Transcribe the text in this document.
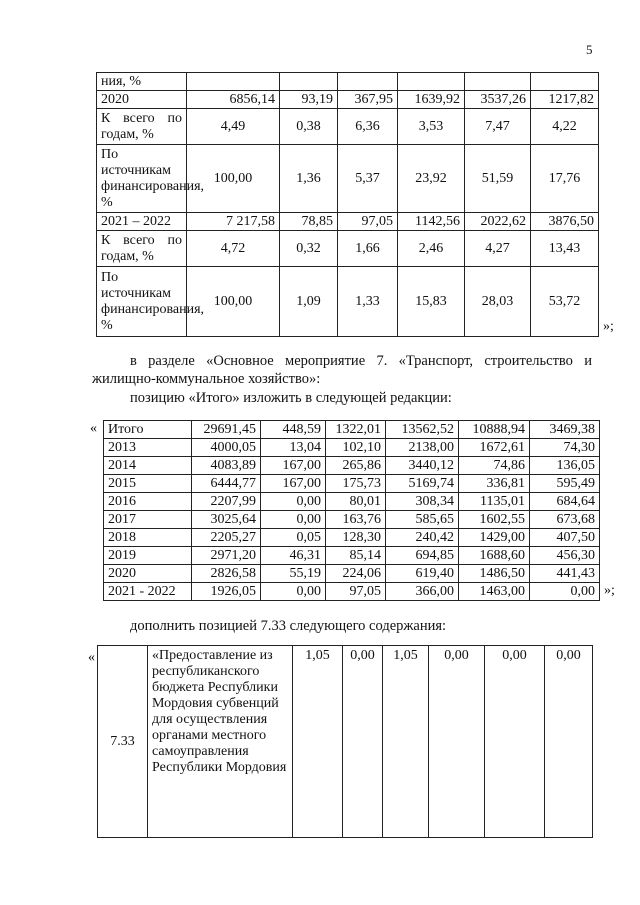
5
ния, %						
2020	6856,14	93,19	367,95	1639,92	3537,26	1217,82
К всего по годам, %	4,49	0,38	6,36	3,53	7,47	4,22
По источникам финансирования, %	100,00	1,36	5,37	23,92	51,59	17,76
2021 – 2022	7 217,58	78,85	97,05	1142,56	2022,62	3876,50
К всего по годам, %	4,72	0,32	1,66	2,46	4,27	13,43
По источникам финансирования, %	100,00	1,09	1,33	15,83	28,03	53,72
»;

в разделе «Основное мероприятие 7. «Транспорт, строительство и жилищно-коммунальное хозяйство»:

позицию «Итого» изложить в следующей редакции:

« Итого	29691,45	448,59	1322,01	13562,52	10888,94	3469,38
2013	4000,05	13,04	102,10	2138,00	1672,61	74,30
2014	4083,89	167,00	265,86	3440,12	74,86	136,05
2015	6444,77	167,00	175,73	5169,74	336,81	595,49
2016	2207,99	0,00	80,01	308,34	1135,01	684,64
2017	3025,64	0,00	163,76	585,65	1602,55	673,68
2018	2205,27	0,05	128,30	240,42	1429,00	407,50
2019	2971,20	46,31	85,14	694,85	1688,60	456,30
2020	2826,58	55,19	224,06	619,40	1486,50	441,43
2021 - 2022	1926,05	0,00	97,05	366,00	1463,00	0,00 »;

дополнить позицией 7.33 следующего содержания:

«
7.33	«Предоставление из республиканского бюджета Республики Мордовия субвенций для осуществления органами местного самоуправления Республики Мордовия	1,05	0,00	1,05	0,00	0,00	0,00
